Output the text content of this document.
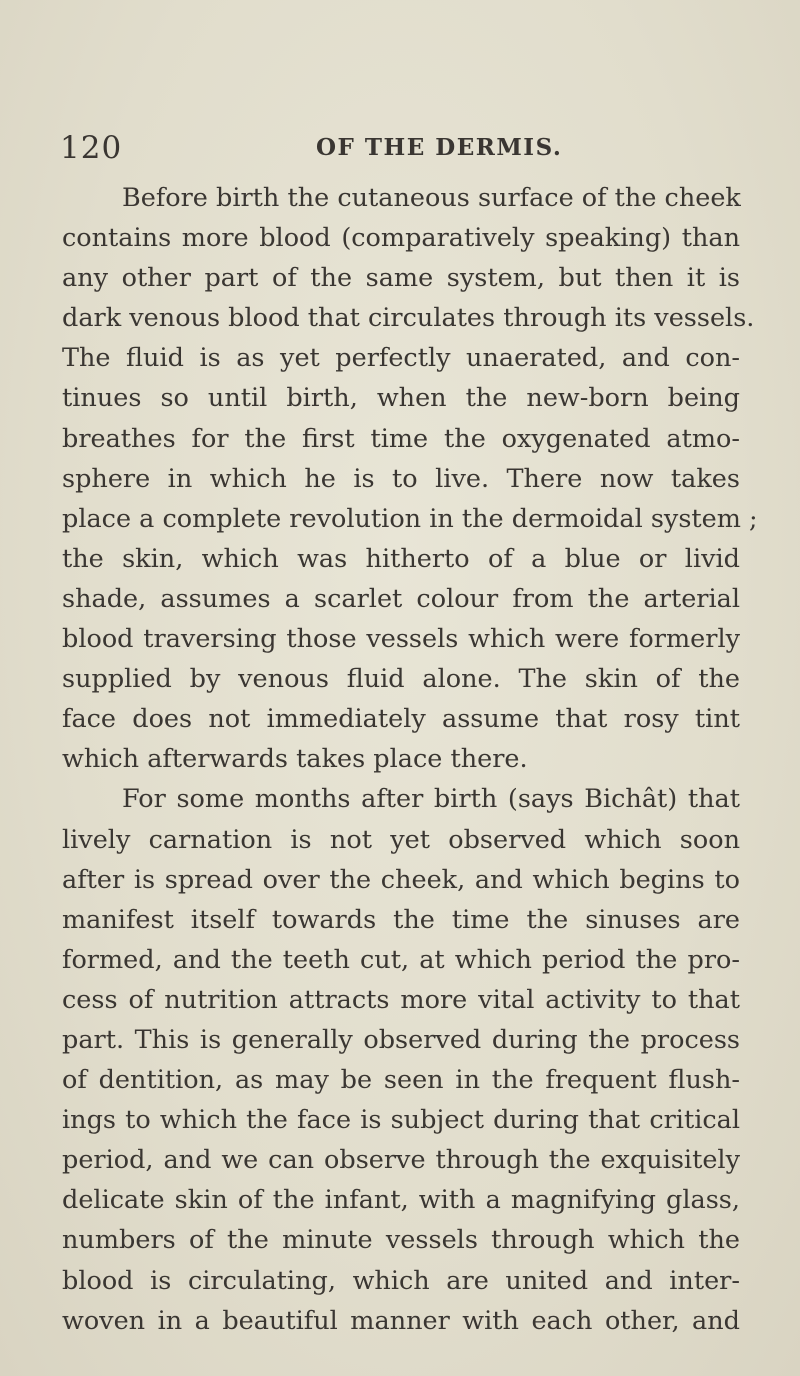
120	OF THE DERMIS.
Before birth the cutaneous surface of the cheek
contains more blood (comparatively speaking) than
any other part of the same system, but then it is
dark venous blood that circulates through its vessels.
The fluid is as yet perfectly unaerated, and con-
tinues so until birth, when the new-born being
breathes for the first time the oxygenated atmo-
sphere in which he is to live. There now takes
place a complete revolution in the dermoidal system ;
the skin, which was hitherto of a blue or livid
shade, assumes a scarlet colour from the arterial
blood traversing those vessels which were formerly
supplied by venous fluid alone. The skin of the
face does not immediately assume that rosy tint
which afterwards takes place there.
For some months after birth (says Bichât) that
lively carnation is not yet observed which soon
after is spread over the cheek, and which begins to
manifest itself towards the time the sinuses are
formed, and the teeth cut, at which period the pro-
cess of nutrition attracts more vital activity to that
part. This is generally observed during the process
of dentition, as may be seen in the frequent flush-
ings to which the face is subject during that critical
period, and we can observe through the exquisitely
delicate skin of the infant, with a magnifying glass,
numbers of the minute vessels through which the
blood is circulating, which are united and inter-
woven in a beautiful manner with each other, and
